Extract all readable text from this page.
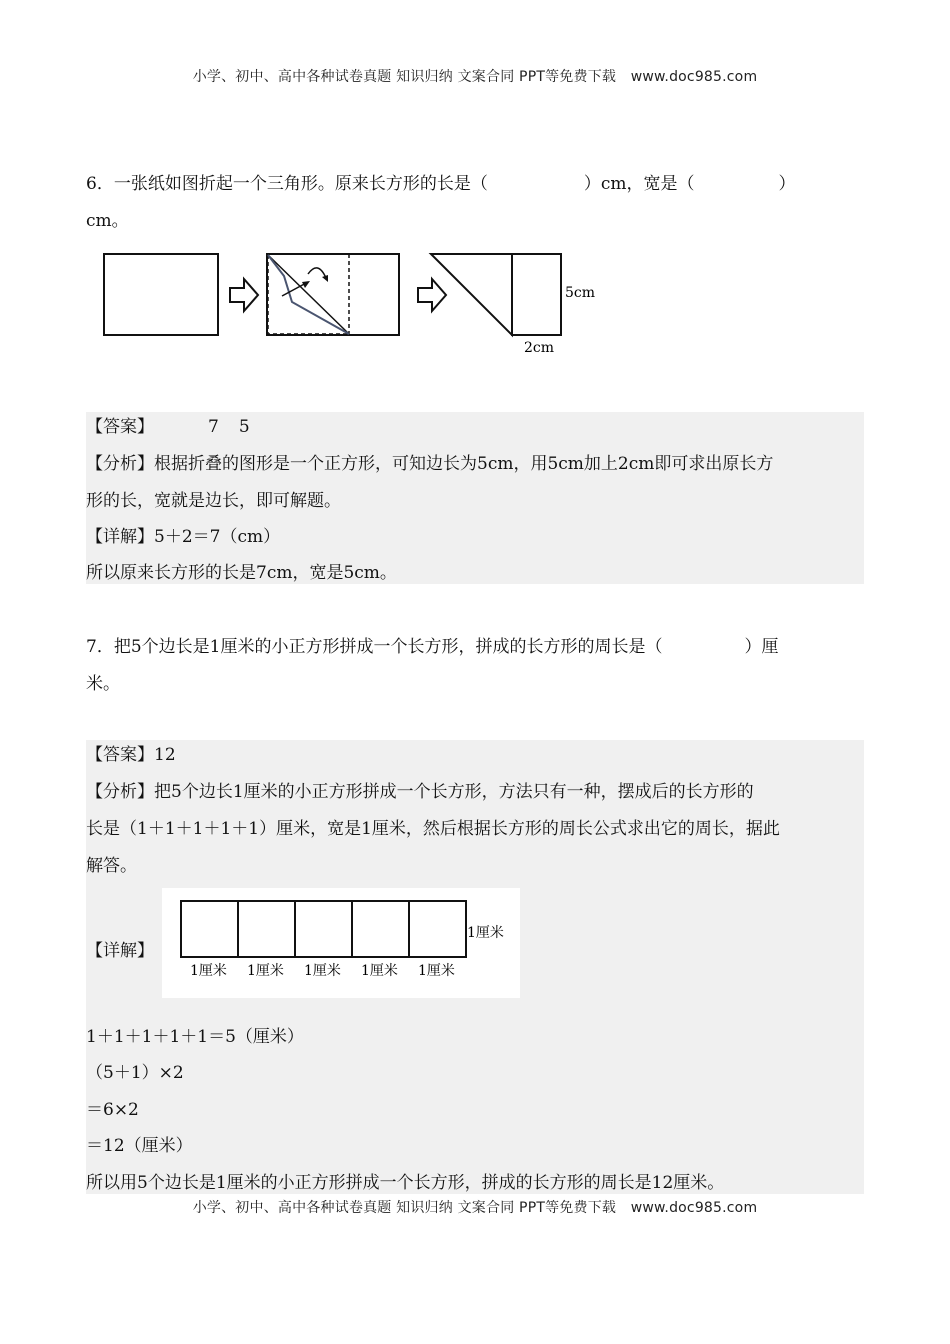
小学、初中、高中各种试卷真题 知识归纳 文案合同 PPT等免费下载 www.doc985.com
6．一张纸如图折起一个三角形。原来长方形的长是（	）cm，宽是（	）
cm。
5cm
2cm
【答案】	7 5
【分析】根据折叠的图形是一个正方形，可知边长为5cm，用5cm加上2cm即可求出原长方
形的长，宽就是边长，即可解题。
【详解】5＋2＝7（cm）
所以原来长方形的长是7cm，宽是5cm。
7．把5个边长是1厘米的小正方形拼成一个长方形，拼成的长方形的周长是（	）厘
米。
【答案】12
【分析】把5个边长1厘米的小正方形拼成一个长方形，方法只有一种，摆成后的长方形的
长是（1＋1＋1＋1＋1）厘米，宽是1厘米，然后根据长方形的周长公式求出它的周长，据此
解答。
【详解】
1厘米 1厘米 1厘米 1厘米 1厘米
1厘米
1＋1＋1＋1＋1＝5（厘米）
（5＋1）×2
＝6×2
＝12（厘米）
所以用5个边长是1厘米的小正方形拼成一个长方形，拼成的长方形的周长是12厘米。
小学、初中、高中各种试卷真题 知识归纳 文案合同 PPT等免费下载 www.doc985.com
